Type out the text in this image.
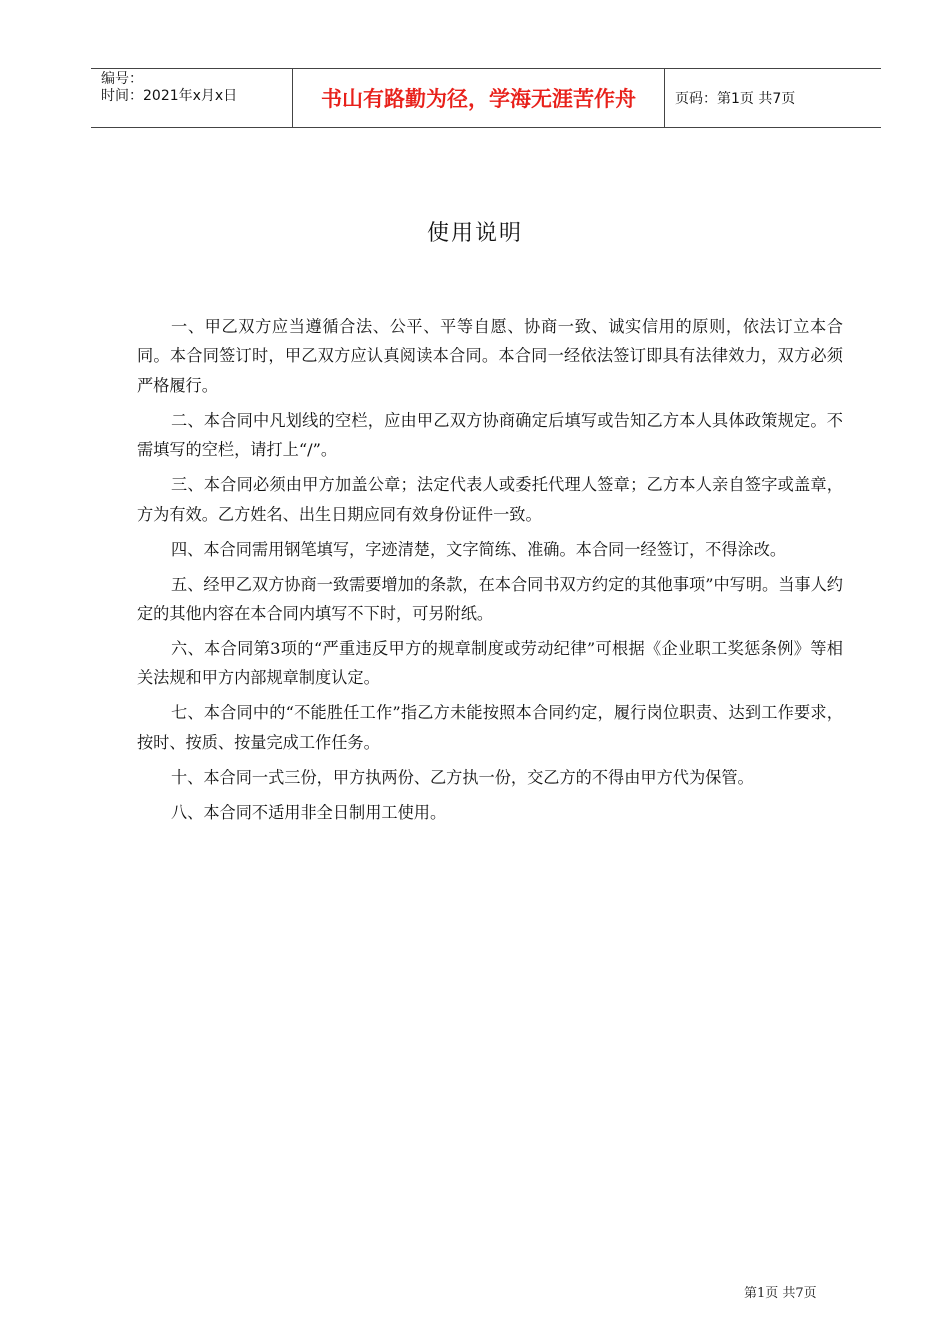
编号：
时间：2021年x月x日	书山有路勤为径，学海无涯苦作舟	页码：第1页 共7页
使用说明

一、甲乙双方应当遵循合法、公平、平等自愿、协商一致、诚实信用的原则，依法订立本合同。本合同签订时，甲乙双方应认真阅读本合同。本合同一经依法签订即具有法律效力，双方必须严格履行。

二、本合同中凡划线的空栏，应由甲乙双方协商确定后填写或告知乙方本人具体政策规定。不需填写的空栏，请打上“/”。

三、本合同必须由甲方加盖公章；法定代表人或委托代理人签章；乙方本人亲自签字或盖章，方为有效。乙方姓名、出生日期应同有效身份证件一致。

四、本合同需用钢笔填写，字迹清楚，文字简练、准确。本合同一经签订，不得涂改。

五、经甲乙双方协商一致需要增加的条款，在本合同书双方约定的其他事项”中写明。当事人约定的其他内容在本合同内填写不下时，可另附纸。

六、本合同第3项的“严重违反甲方的规章制度或劳动纪律”可根据《企业职工奖惩条例》等相关法规和甲方内部规章制度认定。

七、本合同中的“不能胜任工作”指乙方未能按照本合同约定，履行岗位职责、达到工作要求，按时、按质、按量完成工作任务。

十、本合同一式三份，甲方执两份、乙方执一份，交乙方的不得由甲方代为保管。

八、本合同不适用非全日制用工使用。

第1页 共7页
